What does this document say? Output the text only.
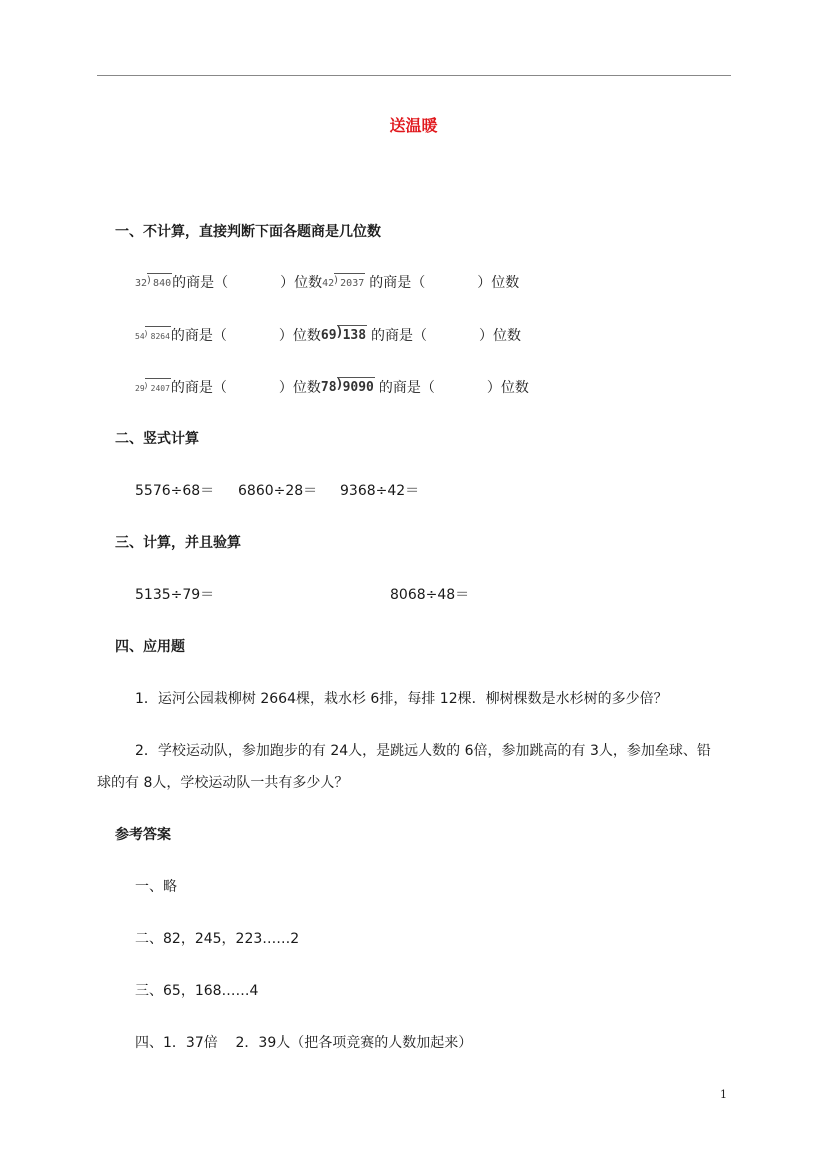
送温暖
一、不计算，直接判断下面各题商是几位数
32 ) 840的商是（	）位数42 ) 2037 的商是（	）位数
54 ) 8264的商是（	）位数69 ) 138 的商是（	）位数
29 ) 2407的商是（	）位数78 ) 9090 的商是（	）位数
二、竖式计算
5576÷68＝ 6860÷28＝ 9368÷42＝
三、计算，并且验算
5135÷79＝	8068÷48＝
四、应用题
1．运河公园栽柳树 2664棵，栽水杉 6排，每排 12棵．柳树棵数是水杉树的多少倍？
2．学校运动队，参加跑步的有 24人，是跳远人数的 6倍，参加跳高的有 3人，参加垒球、铅
球的有 8人，学校运动队一共有多少人？
参考答案
一、略
二、82，245，223……2
三、65，168……4
四、1．37倍    2．39人（把各项竞赛的人数加起来）
1
